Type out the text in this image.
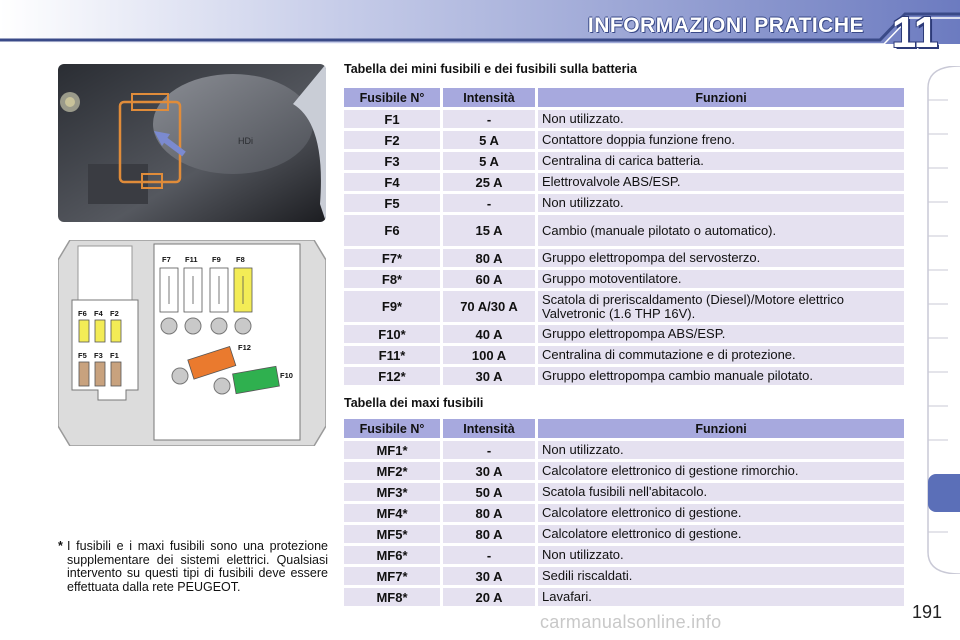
INFORMAZIONI PRATICHE 11
HDi
F6 F4 F2
F5 F3 F1
F7 F11 F9 F8
F12
F10
Tabella dei mini fusibili e dei fusibili sulla batteria
Fusibile N°	Intensità	Funzioni
F1	-	Non utilizzato.
F2	5 A	Contattore doppia funzione freno.
F3	5 A	Centralina di carica batteria.
F4	25 A	Elettrovalvole ABS/ESP.
F5	-	Non utilizzato.
F6	15 A	Cambio (manuale pilotato o automatico).
F7*	80 A	Gruppo elettropompa del servosterzo.
F8*	60 A	Gruppo motoventilatore.
F9*	70 A/30 A	Scatola di preriscaldamento (Diesel)/Motore elettrico Valvetronic (1.6 THP 16V).
F10*	40 A	Gruppo elettropompa ABS/ESP.
F11*	100 A	Centralina di commutazione e di protezione.
F12*	30 A	Gruppo elettropompa cambio manuale pilotato.
Tabella dei maxi fusibili
Fusibile N°	Intensità	Funzioni
MF1*	-	Non utilizzato.
MF2*	30 A	Calcolatore elettronico di gestione rimorchio.
MF3*	50 A	Scatola fusibili nell'abitacolo.
MF4*	80 A	Calcolatore elettronico di gestione.
MF5*	80 A	Calcolatore elettronico di gestione.
MF6*	-	Non utilizzato.
MF7*	30 A	Sedili riscaldati.
MF8*	20 A	Lavafari.
* I fusibili e i maxi fusibili sono una protezione supplementare dei sistemi elettrici. Qualsiasi intervento su questi tipi di fusibili deve essere effettuata dalla rete PEUGEOT.
carmanualsonline.info	191
